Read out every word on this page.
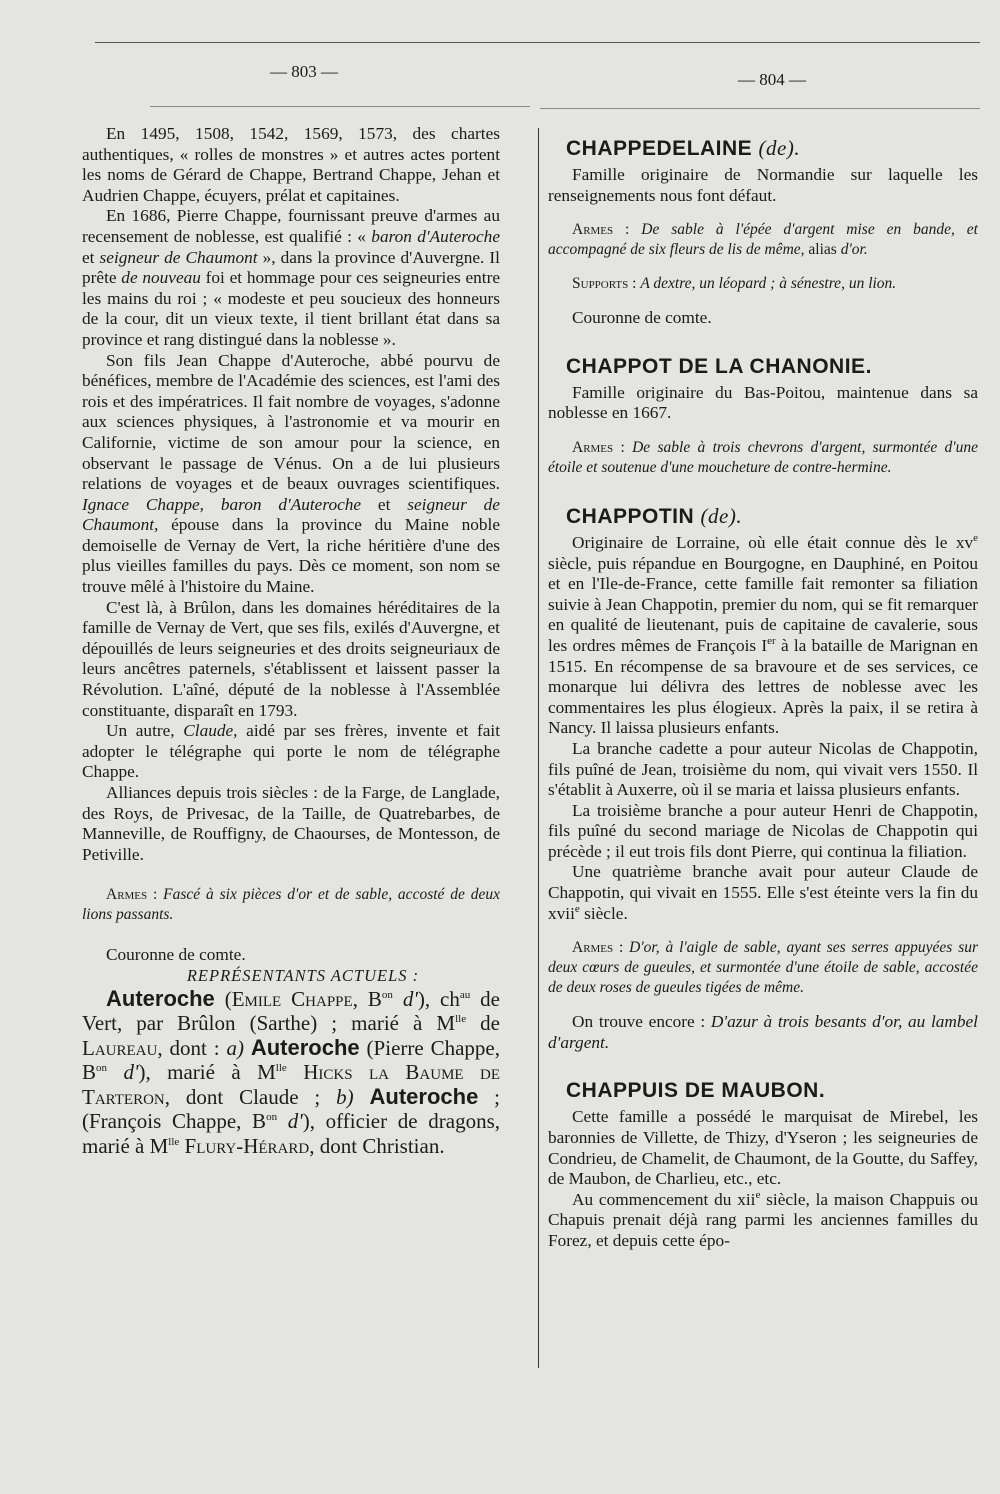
— 803 —	— 804 —

En 1495, 1508, 1542, 1569, 1573, des chartes authentiques, « rolles de monstres » et autres actes portent les noms de Gérard de Chappe, Bertrand Chappe, Jehan et Audrien Chappe, écuyers, prélat et capitaines.

En 1686, Pierre Chappe, fournissant preuve d'armes au recensement de noblesse, est qualifié : « baron d'Auteroche et seigneur de Chaumont », dans la province d'Auvergne. Il prête de nouveau foi et hommage pour ces seigneuries entre les mains du roi ; « modeste et peu soucieux des honneurs de la cour, dit un vieux texte, il tient brillant état dans sa province et rang distingué dans la noblesse ».

Son fils Jean Chappe d'Auteroche, abbé pourvu de bénéfices, membre de l'Académie des sciences, est l'ami des rois et des impératrices. Il fait nombre de voyages, s'adonne aux sciences physiques, à l'astronomie et va mourir en Californie, victime de son amour pour la science, en observant le passage de Vénus. On a de lui plusieurs relations de voyages et de beaux ouvrages scientifiques. Ignace Chappe, baron d'Auteroche et seigneur de Chaumont, épouse dans la province du Maine noble demoiselle de Vernay de Vert, la riche héritière d'une des plus vieilles familles du pays. Dès ce moment, son nom se trouve mêlé à l'histoire du Maine.

C'est là, à Brûlon, dans les domaines héréditaires de la famille de Vernay de Vert, que ses fils, exilés d'Auvergne, et dépouillés de leurs seigneuries et des droits seigneuriaux de leurs ancêtres paternels, s'établissent et laissent passer la Révolution. L'aîné, député de la noblesse à l'Assemblée constituante, disparaît en 1793.

Un autre, Claude, aidé par ses frères, invente et fait adopter le télégraphe qui porte le nom de télégraphe Chappe.

Alliances depuis trois siècles : de la Farge, de Langlade, des Roys, de Privesac, de la Taille, de Quatrebarbes, de Manneville, de Rouffigny, de Chaourses, de Montesson, de Petiville.

Armes : Fascé à six pièces d'or et de sable, accosté de deux lions passants.

Couronne de comte.

REPRÉSENTANTS ACTUELS :

Auteroche (Emile Chappe, $B^{on}$ d'), $ch^{au}$ de Vert, par Brûlon (Sarthe) ; marié à $M^{lle}$ de Laureau, dont : a) Auteroche (Pierre Chappe, $B^{on}$ d'), marié à $M^{lle}$ Hicks la Baume de Tarteron, dont Claude ; b) Auteroche ; (François Chappe, $B^{on}$ d'), officier de dragons, marié à $M^{lle}$ Flury-Hérard, dont Christian.

CHAPPEDELAINE (de).

Famille originaire de Normandie sur laquelle les renseignements nous font défaut.

Armes : De sable à l'épée d'argent mise en bande, et accompagné de six fleurs de lis de même, alias d'or.

Supports : A dextre, un léopard ; à sénestre, un lion.

Couronne de comte.

CHAPPOT DE LA CHANONIE.

Famille originaire du Bas-Poitou, maintenue dans sa noblesse en 1667.

Armes : De sable à trois chevrons d'argent, surmontée d'une étoile et soutenue d'une moucheture de contre-hermine.

CHAPPOTIN (de).

Originaire de Lorraine, où elle était connue dès le $xv^e$ siècle, puis répandue en Bourgogne, en Dauphiné, en Poitou et en l'Ile-de-France, cette famille fait remonter sa filiation suivie à Jean Chappotin, premier du nom, qui se fit remarquer en qualité de lieutenant, puis de capitaine de cavalerie, sous les ordres mêmes de François Ier à la bataille de Marignan en 1515. En récompense de sa bravoure et de ses services, ce monarque lui délivra des lettres de noblesse avec les commentaires les plus élogieux. Après la paix, il se retira à Nancy. Il laissa plusieurs enfants.

La branche cadette a pour auteur Nicolas de Chappotin, fils puîné de Jean, troisième du nom, qui vivait vers 1550. Il s'établit à Auxerre, où il se maria et laissa plusieurs enfants.

La troisième branche a pour auteur Henri de Chappotin, fils puîné du second mariage de Nicolas de Chappotin qui précède ; il eut trois fils dont Pierre, qui continua la filiation.

Une quatrième branche avait pour auteur Claude de Chappotin, qui vivait en 1555. Elle s'est éteinte vers la fin du xvii$^e$ siècle.

Armes : D'or, à l'aigle de sable, ayant ses serres appuyées sur deux cœurs de gueules, et surmontée d'une étoile de sable, accostée de deux roses de gueules tigées de même.

On trouve encore : D'azur à trois besants d'or, au lambel d'argent.

CHAPPUIS DE MAUBON.

Cette famille a possédé le marquisat de Mirebel, les baronnies de Villette, de Thizy, d'Yseron ; les seigneuries de Condrieu, de Chamelit, de Chaumont, de la Goutte, du Saffey, de Maubon, de Charlieu, etc., etc.

Au commencement du xii$^e$ siècle, la maison Chappuis ou Chapuis prenait déjà rang parmi les anciennes familles du Forez, et depuis cette épo-
